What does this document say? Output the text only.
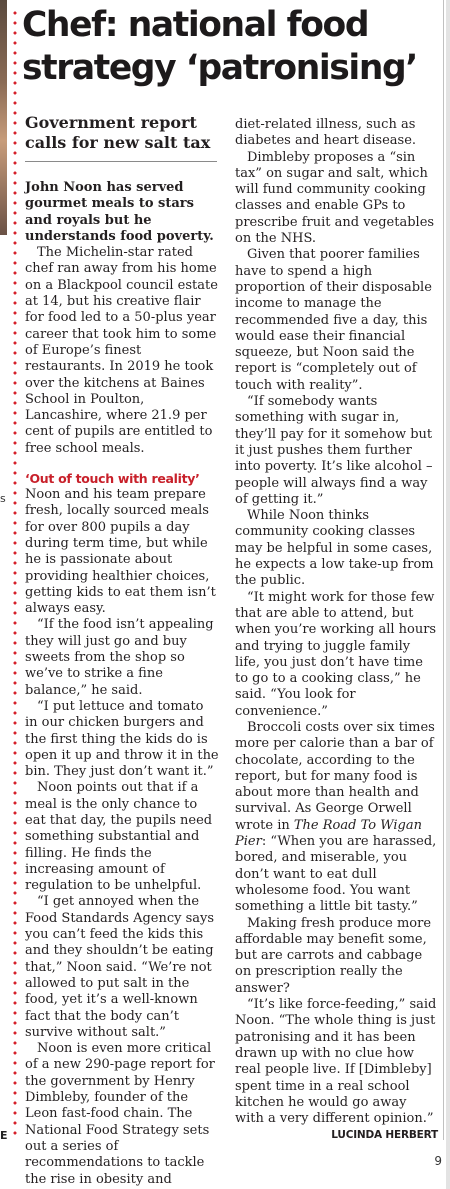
s
E
Chef: national food strategy ‘patronising’

Government report calls for new salt tax

John Noon has served gourmet meals to stars and royals but he understands food poverty.

The Michelin-star rated chef ran away from his home on a Blackpool council estate at 14, but his creative flair for food led to a 50-plus year career that took him to some of Europe’s finest restaurants. In 2019 he took over the kitchens at Baines School in Poulton, Lancashire, where 21.9 per cent of pupils are entitled to free school meals.

‘Out of touch with reality’

Noon and his team prepare fresh, locally sourced meals for over 800 pupils a day during term time, but while he is passionate about providing healthier choices, getting kids to eat them isn’t always easy.

“If the food isn’t appealing they will just go and buy sweets from the shop so we’ve to strike a fine balance,” he said.

“I put lettuce and tomato in our chicken burgers and the first thing the kids do is open it up and throw it in the bin. They just don’t want it.”

Noon points out that if a meal is the only chance to eat that day, the pupils need something substantial and filling. He finds the increasing amount of regulation to be unhelpful.

“I get annoyed when the Food Standards Agency says you can’t feed the kids this and they shouldn’t be eating that,” Noon said. “We’re not allowed to put salt in the food, yet it’s a well-known fact that the body can’t survive without salt.”

Noon is even more critical of a new 290-page report for the government by Henry Dimbleby, founder of the Leon fast-food chain. The National Food Strategy sets out a series of recommendations to tackle the rise in obesity and

diet-related illness, such as diabetes and heart disease.

Dimbleby proposes a “sin tax” on sugar and salt, which will fund community cooking classes and enable GPs to prescribe fruit and vegetables on the NHS.

Given that poorer families have to spend a high proportion of their disposable income to manage the recommended five a day, this would ease their financial squeeze, but Noon said the report is “completely out of touch with reality”.

“If somebody wants something with sugar in, they’ll pay for it somehow but it just pushes them further into poverty. It’s like alcohol – people will always find a way of getting it.”

While Noon thinks community cooking classes may be helpful in some cases, he expects a low take-up from the public.

“It might work for those few that are able to attend, but when you’re working all hours and trying to juggle family life, you just don’t have time to go to a cooking class,” he said. “You look for convenience.”

Broccoli costs over six times more per calorie than a bar of chocolate, according to the report, but for many food is about more than health and survival. As George Orwell wrote in The Road To Wigan Pier: “When you are harassed, bored, and miserable, you don’t want to eat dull wholesome food. You want something a little bit tasty.”

Making fresh produce more affordable may benefit some, but are carrots and cabbage on prescription really the answer?

“It’s like force-feeding,” said Noon. “The whole thing is just patronising and it has been drawn up with no clue how real people live. If [Dimbleby] spent time in a real school kitchen he would go away with a very different opinion.”

LUCINDA HERBERT
9
